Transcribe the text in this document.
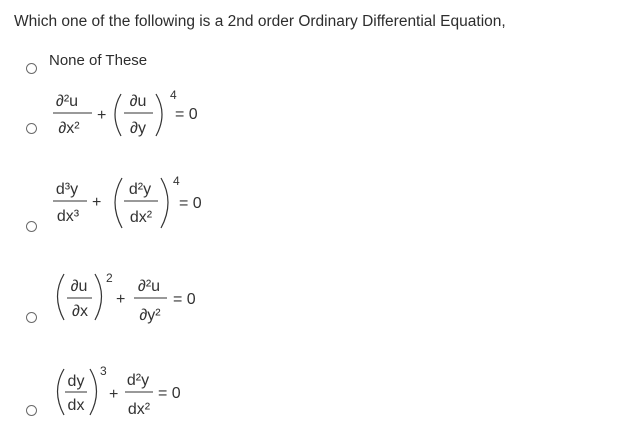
Which one of the following is a 2nd order Ordinary Differential Equation,
None of These
∂²u
∂x²
+
∂u
∂y
4
= 0
d³y
dx³
+
d²y
dx²
4
= 0
∂u
∂x
2
+
∂²u
∂y²
= 0
dy
dx
3
+
d²y
dx²
= 0
